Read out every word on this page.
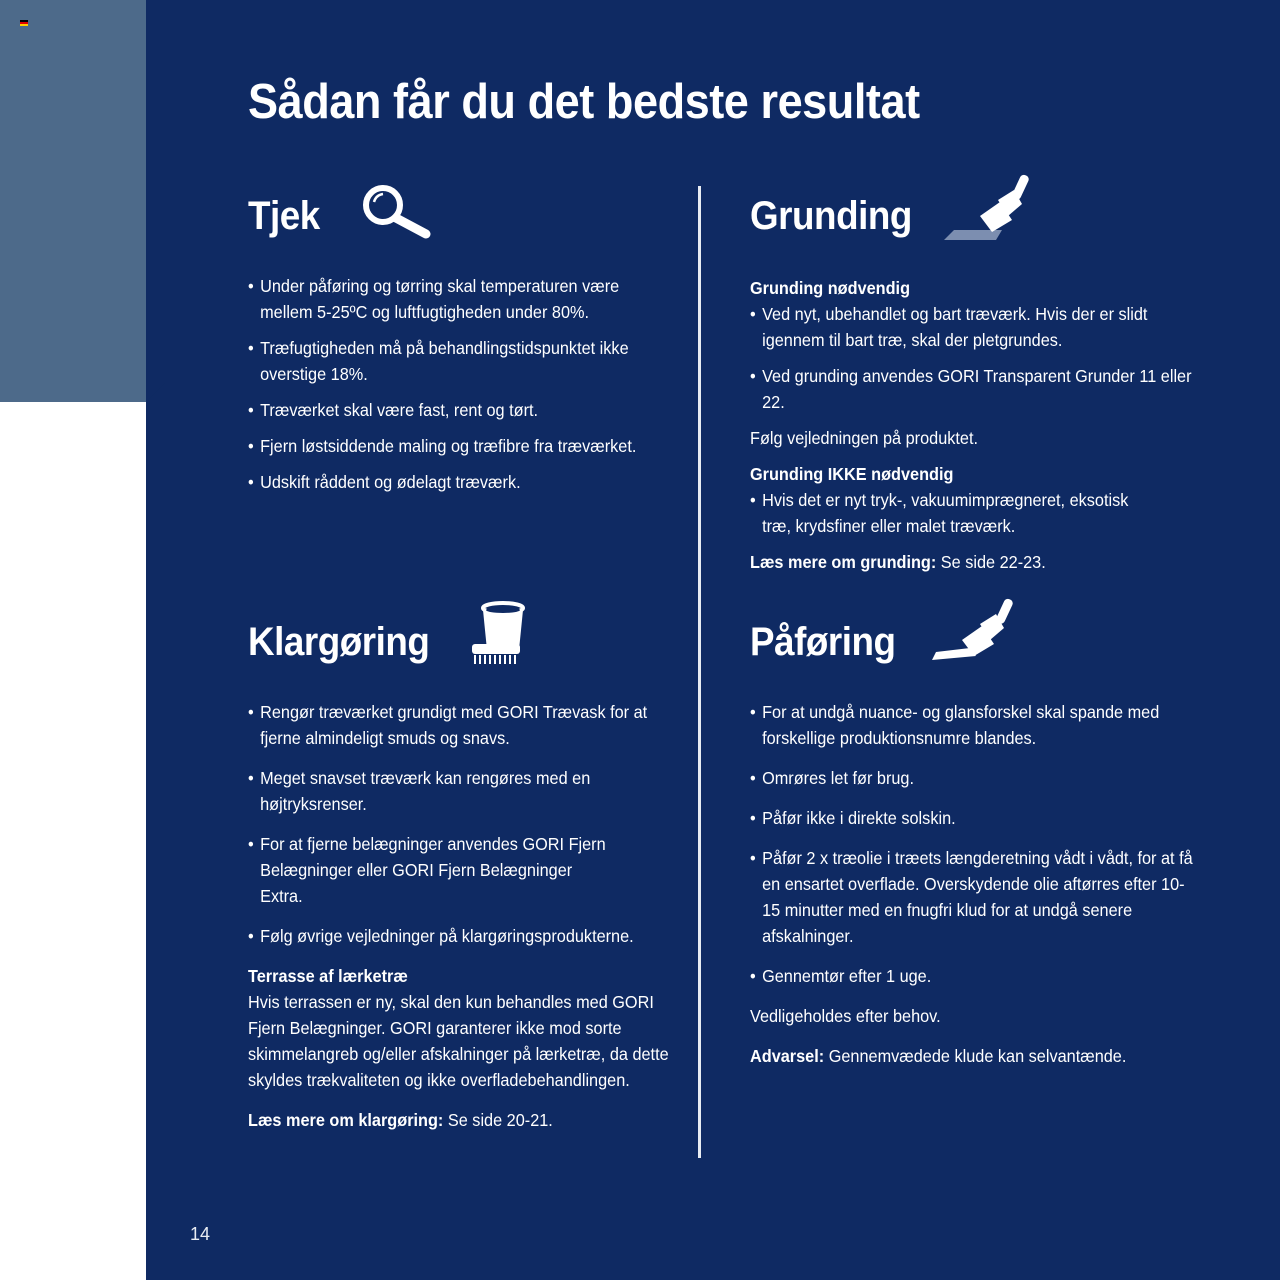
Sådan får du det bedste resultat
Tjek
• Under påføring og tørring skal temperaturen være mellem 5-25ºC og luftfugtigheden under 80%.
• Træfugtigheden må på behandlingstidspunktet ikke overstige 18%.
• Træværket skal være fast, rent og tørt.
• Fjern løstsiddende maling og træfibre fra træværket.
• Udskift råddent og ødelagt træværk.
Grunding

Grunding nødvendig

• Ved nyt, ubehandlet og bart træværk. Hvis der er slidt igennem til bart træ, skal der pletgrundes.
• Ved grunding anvendes GORI Transparent Grunder 11 eller 22.

Følg vejledningen på produktet.

Grunding IKKE nødvendig

• Hvis det er nyt tryk-, vakuumimprægneret, eksotisk træ, krydsfiner eller malet træværk.

Læs mere om grunding: Se side 22-23.

Klargøring
• Rengør træværket grundigt med GORI Trævask for at fjerne almindeligt smuds og snavs.
• Meget snavset træværk kan rengøres med en højtryksrenser.
• For at fjerne belægninger anvendes GORI Fjern Belægninger eller GORI Fjern Belægninger Extra.
• Følg øvrige vejledninger på klargøringsprodukterne.

Terrasse af lærketræ

Hvis terrassen er ny, skal den kun behandles med GORI Fjern Belægninger. GORI garanterer ikke mod sorte skimmelangreb og/eller afskalninger på lærketræ, da dette skyldes trækvaliteten og ikke overfladebehandlingen.

Læs mere om klargøring: Se side 20-21.

Påføring
• For at undgå nuance- og glansforskel skal spande med forskellige produktionsnumre blandes.
• Omrøres let før brug.
• Påfør ikke i direkte solskin.
• Påfør 2 x træolie i træets længderetning vådt i vådt, for at få en ensartet overflade. Overskydende olie aftørres efter 10-15 minutter med en fnugfri klud for at undgå senere afskalninger.
• Gennemtør efter 1 uge.

Vedligeholdes efter behov.

Advarsel: Gennemvædede klude kan selvantænde.

14
